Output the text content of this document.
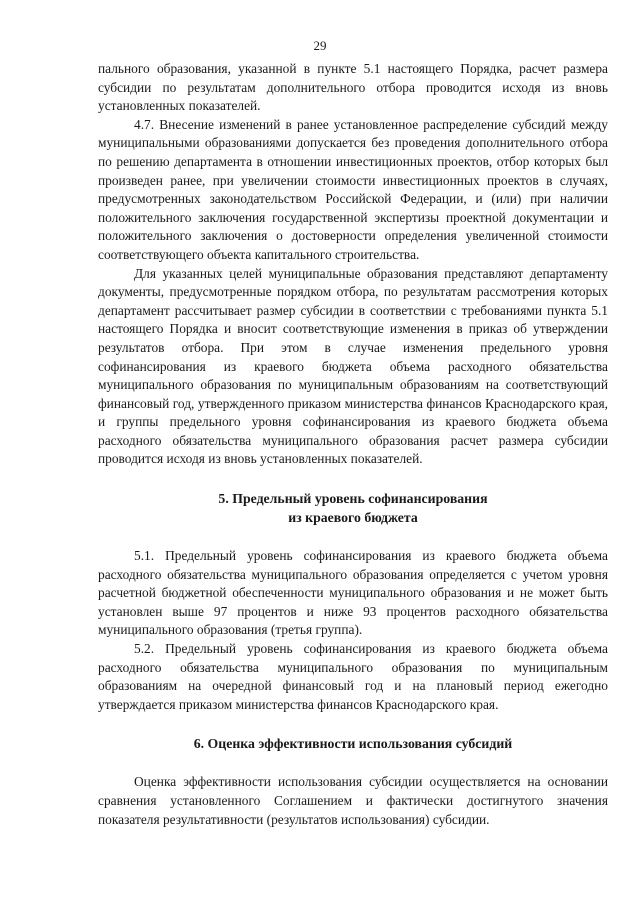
29

пального образования, указанной в пункте 5.1 настоящего Порядка, расчет размера субсидии по результатам дополнительного отбора проводится исходя из вновь установленных показателей.

4.7. Внесение изменений в ранее установленное распределение субсидий между муниципальными образованиями допускается без проведения дополнительного отбора по решению департамента в отношении инвестиционных проектов, отбор которых был произведен ранее, при увеличении стоимости инвестиционных проектов в случаях, предусмотренных законодательством Российской Федерации, и (или) при наличии положительного заключения государственной экспертизы проектной документации и положительного заключения о достоверности определения увеличенной стоимости соответствующего объекта капитального строительства.

Для указанных целей муниципальные образования представляют департаменту документы, предусмотренные порядком отбора, по результатам рассмотрения которых департамент рассчитывает размер субсидии в соответствии с требованиями пункта 5.1 настоящего Порядка и вносит соответствующие изменения в приказ об утверждении результатов отбора. При этом в случае изменения предельного уровня софинансирования из краевого бюджета объема расходного обязательства муниципального образования по муниципальным образованиям на соответствующий финансовый год, утвержденного приказом министерства финансов Краснодарского края, и группы предельного уровня софинансирования из краевого бюджета объема расходного обязательства муниципального образования расчет размера субсидии проводится исходя из вновь установленных показателей.

5. Предельный уровень софинансирования

из краевого бюджета

5.1. Предельный уровень софинансирования из краевого бюджета объема расходного обязательства муниципального образования определяется с учетом уровня расчетной бюджетной обеспеченности муниципального образования и не может быть установлен выше 97 процентов и ниже 93 процентов расходного обязательства муниципального образования (третья группа).

5.2. Предельный уровень софинансирования из краевого бюджета объема расходного обязательства муниципального образования по муниципальным образованиям на очередной финансовый год и на плановый период ежегодно утверждается приказом министерства финансов Краснодарского края.

6. Оценка эффективности использования субсидий

Оценка эффективности использования субсидии осуществляется на основании сравнения установленного Соглашением и фактически достигнутого значения показателя результативности (результатов использования) субсидии.
